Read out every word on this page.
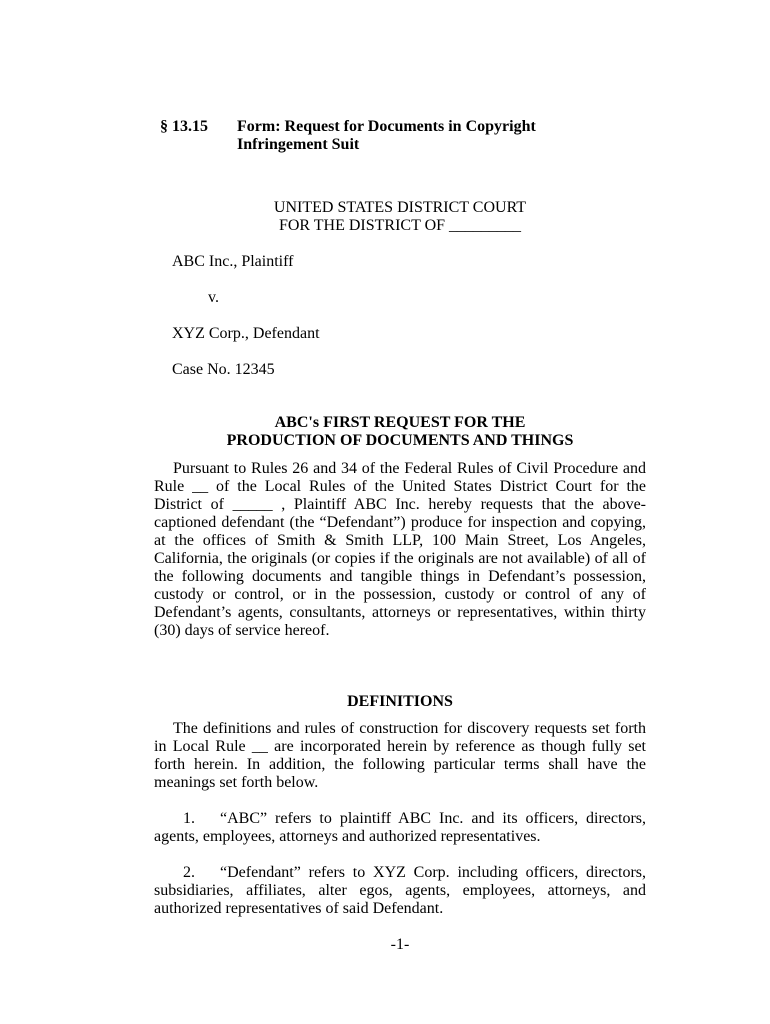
§ 13.15 Form: Request for Documents in Copyright Infringement Suit
UNITED STATES DISTRICT COURT
FOR THE DISTRICT OF _________
ABC Inc., Plaintiff
v.
XYZ Corp., Defendant
Case No. 12345
ABC's FIRST REQUEST FOR THE
PRODUCTION OF DOCUMENTS AND THINGS
Pursuant to Rules 26 and 34 of the Federal Rules of Civil Procedure and Rule __ of the Local Rules of the United States District Court for the District of _____ , Plaintiff ABC Inc. hereby requests that the above-captioned defendant (the “Defendant”) produce for inspection and copying, at the offices of Smith & Smith LLP, 100 Main Street, Los Angeles, California, the originals (or copies if the originals are not available) of all of the following documents and tangible things in Defendant’s possession, custody or control, or in the possession, custody or control of any of Defendant’s agents, consultants, attorneys or representatives, within thirty (30) days of service hereof.
DEFINITIONS
The definitions and rules of construction for discovery requests set forth in Local Rule __ are incorporated herein by reference as though fully set forth herein. In addition, the following particular terms shall have the meanings set forth below.
1. “ABC” refers to plaintiff ABC Inc. and its officers, directors, agents, employees, attorneys and authorized representatives.
2. “Defendant” refers to XYZ Corp. including officers, directors, subsidiaries, affiliates, alter egos, agents, employees, attorneys, and authorized representatives of said Defendant.
-1-
